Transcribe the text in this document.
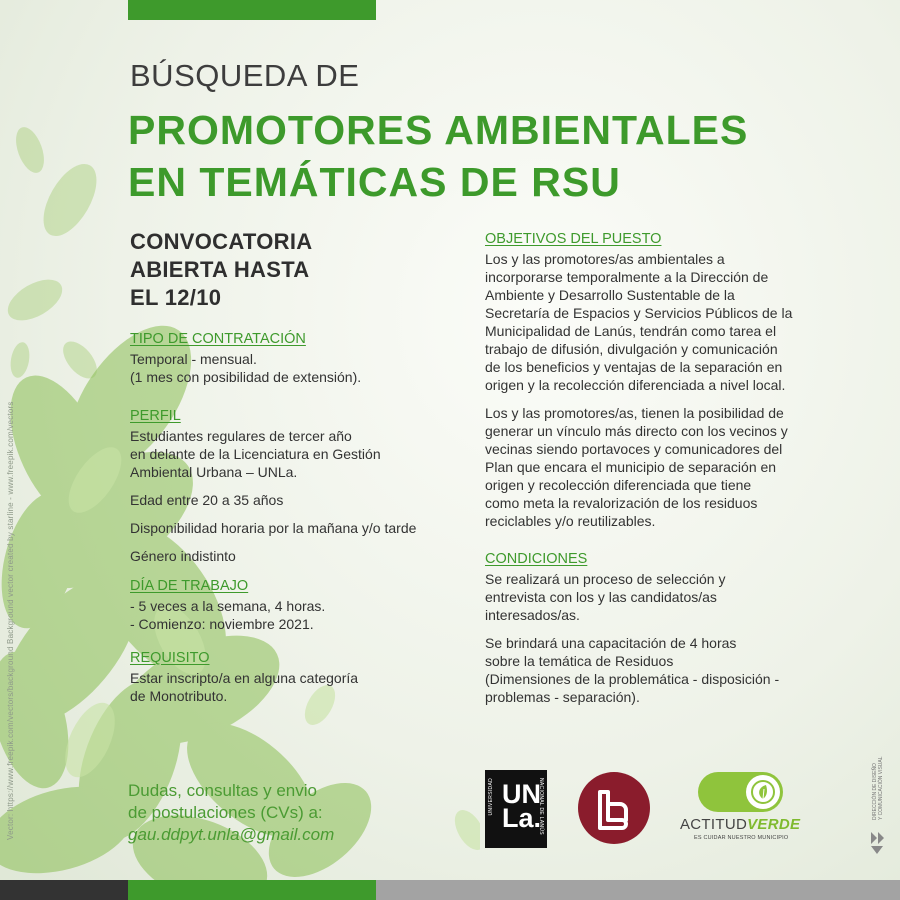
Vector: https://www.freepik.com/vectors/background Background vector created by starline - www.freepik.com/vectors
BÚSQUEDA DE
PROMOTORES AMBIENTALES
EN TEMÁTICAS DE RSU
CONVOCATORIA
ABIERTA HASTA
EL 12/10
TIPO DE CONTRATACIÓN
Temporal - mensual.
(1 mes con posibilidad de extensión).
PERFIL
Estudiantes regulares de tercer año
en delante de la Licenciatura en Gestión
Ambiental Urbana – UNLa.
Edad entre 20 a 35 años
Disponibilidad horaria por la mañana y/o tarde
Género indistinto
DÍA DE TRABAJO
- 5 veces a la semana, 4 horas.
- Comienzo: noviembre 2021.
REQUISITO
Estar inscripto/a en alguna categoría
de Monotributo.
OBJETIVOS DEL PUESTO
Los y las promotores/as ambientales a
incorporarse temporalmente a la Dirección de
Ambiente y Desarrollo Sustentable de la
Secretaría de Espacios y Servicios Públicos de la
Municipalidad de Lanús, tendrán como tarea el
trabajo de difusión, divulgación y comunicación
de los beneficios y ventajas de la separación en
origen y la recolección diferenciada a nivel local.
Los y las promotores/as, tienen la posibilidad de
generar un vínculo más directo con los vecinos y
vecinas siendo portavoces y comunicadores del
Plan que encara el municipio de separación en
origen y recolección diferenciada que tiene
como meta la revalorización de los residuos
reciclables y/o reutilizables.
CONDICIONES
Se realizará un proceso de selección y
entrevista con los y las candidatos/as
interesados/as.
Se brindará una capacitación de 4 horas
sobre la temática de Residuos
(Dimensiones de la problemática - disposición -
problemas - separación).
Dudas, consultas y envio
de postulaciones (CVs) a:
gau.ddpyt.unla@gmail.com
UNIVERSIDAD	NACIONAL DE LANÚS
UN
La.	ACTITUDVERDE
ES CUIDAR NUESTRO MUNICIPIO
DIRECCIÓN DE DISEÑO Y COMUNICACIÓN VISUAL
